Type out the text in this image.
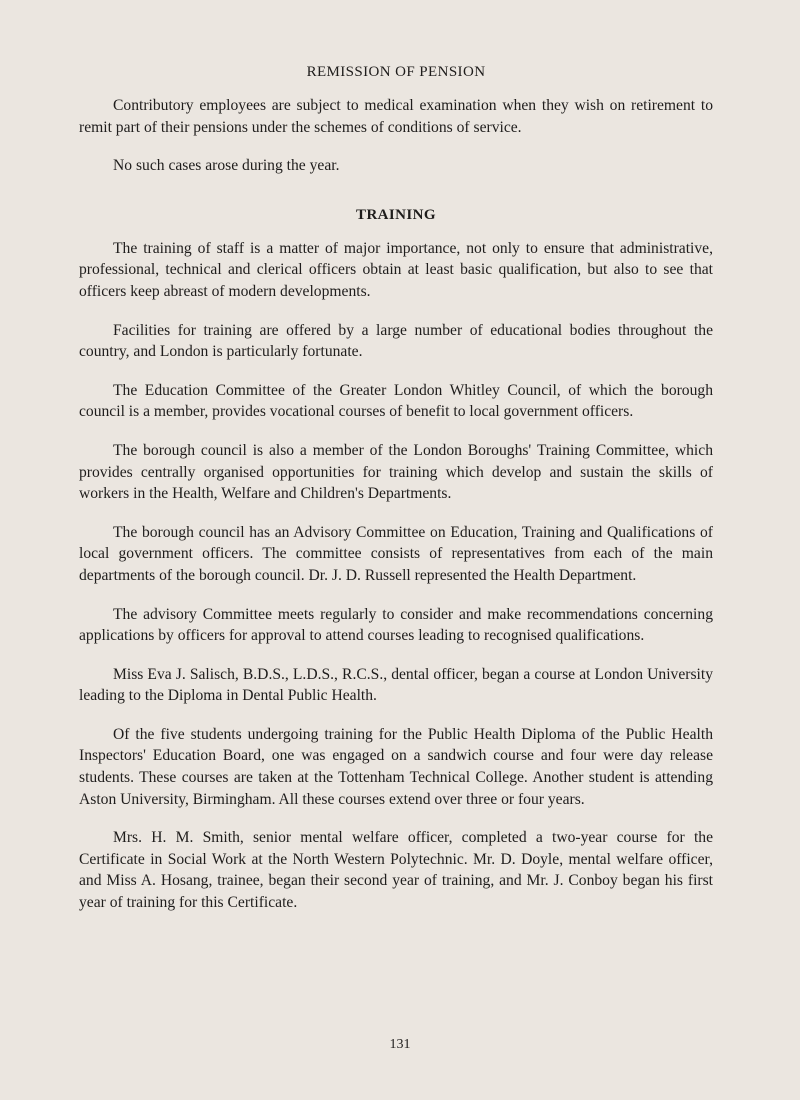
REMISSION OF PENSION

Contributory employees are subject to medical examination when they wish on retirement to remit part of their pensions under the schemes of conditions of service.

No such cases arose during the year.

TRAINING

The training of staff is a matter of major importance, not only to ensure that administrative, professional, technical and clerical officers obtain at least basic qualification, but also to see that officers keep abreast of modern developments.

Facilities for training are offered by a large number of educational bodies throughout the country, and London is particularly fortunate.

The Education Committee of the Greater London Whitley Council, of which the borough council is a member, provides vocational courses of benefit to local government officers.

The borough council is also a member of the London Boroughs' Training Committee, which provides centrally organised opportunities for training which develop and sustain the skills of workers in the Health, Welfare and Children's Departments.

The borough council has an Advisory Committee on Education, Training and Qualifications of local government officers. The committee consists of representatives from each of the main departments of the borough council. Dr. J. D. Russell represented the Health Department.

The advisory Committee meets regularly to consider and make recommendations concerning applications by officers for approval to attend courses leading to recognised qualifications.

Miss Eva J. Salisch, B.D.S., L.D.S., R.C.S., dental officer, began a course at London University leading to the Diploma in Dental Public Health.

Of the five students undergoing training for the Public Health Diploma of the Public Health Inspectors' Education Board, one was engaged on a sandwich course and four were day release students. These courses are taken at the Tottenham Technical College. Another student is attending Aston University, Birmingham. All these courses extend over three or four years.

Mrs. H. M. Smith, senior mental welfare officer, completed a two-year course for the Certificate in Social Work at the North Western Polytechnic. Mr. D. Doyle, mental welfare officer, and Miss A. Hosang, trainee, began their second year of training, and Mr. J. Conboy began his first year of training for this Certificate.

131
